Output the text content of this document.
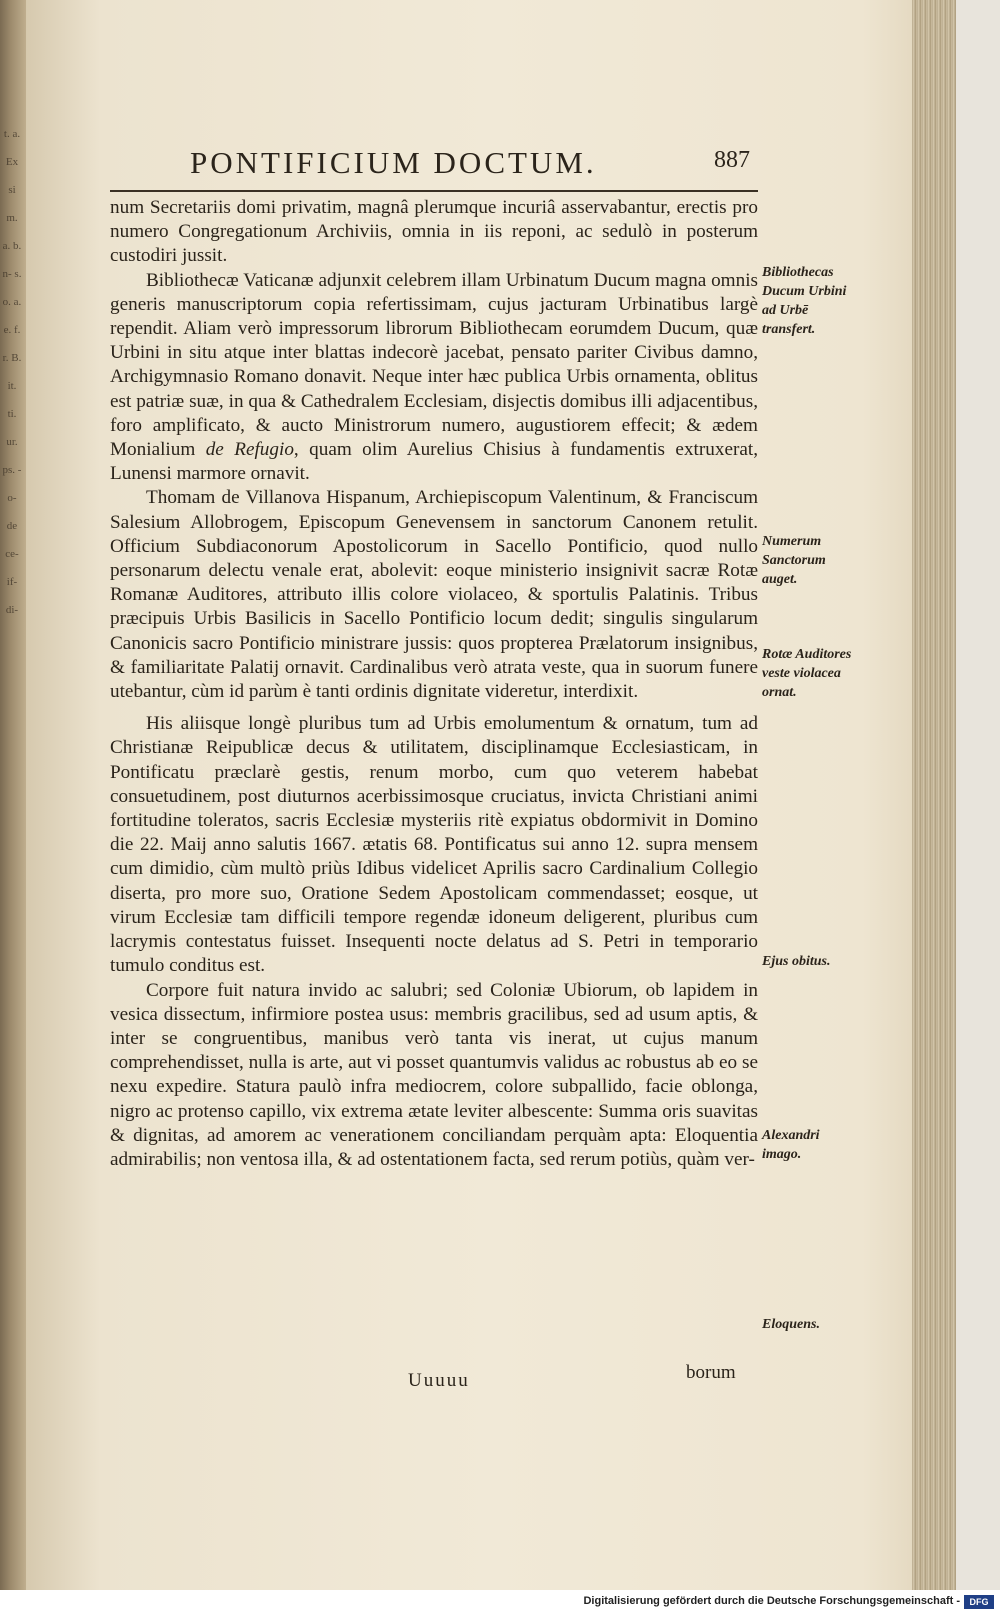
t. a. Ex si m. a. b. n- s. o. a. e. f. r. B. it. ti. ur. ps. -o- de ce- if- di-
PONTIFICIUM DOCTUM.	887

num Secretariis domi privatim, magnâ plerumque incuriâ asservabantur, erectis pro numero Congregationum Archiviis, omnia in iis reponi, ac sedulò in posterum custodiri jussit.

Bibliothecæ Vaticanæ adjunxit celebrem illam Urbinatum Ducum magna omnis generis manuscriptorum copia refertissimam, cujus jacturam Urbinatibus largè rependit. Aliam verò impressorum librorum Bibliothecam eorumdem Ducum, quæ Urbini in situ atque inter blattas indecorè jacebat, pensato pariter Civibus damno, Archigymnasio Romano donavit. Neque inter hæc publica Urbis ornamenta, oblitus est patriæ suæ, in qua & Cathedralem Ecclesiam, disjectis domibus illi adjacentibus, foro amplificato, & aucto Ministrorum numero, augustiorem effecit; & ædem Monialium de Refugio, quam olim Aurelius Chisius à fundamentis extruxerat, Lunensi marmore ornavit.

Thomam de Villanova Hispanum, Archiepiscopum Valentinum, & Franciscum Salesium Allobrogem, Episcopum Genevensem in sanctorum Canonem retulit. Officium Subdiaconorum Apostolicorum in Sacello Pontificio, quod nullo personarum delectu venale erat, abolevit: eoque ministerio insignivit sacræ Rotæ Romanæ Auditores, attributo illis colore violaceo, & sportulis Palatinis. Tribus præcipuis Urbis Basilicis in Sacello Pontificio locum dedit; singulis singularum Canonicis sacro Pontificio ministrare jussis: quos propterea Prælatorum insignibus, & familiaritate Palatij ornavit. Cardinalibus verò atrata veste, qua in suorum funere utebantur, cùm id parùm è tanti ordinis dignitate videretur, interdixit.

His aliisque longè pluribus tum ad Urbis emolumentum & ornatum, tum ad Christianæ Reipublicæ decus & utilitatem, disciplinamque Ecclesiasticam, in Pontificatu præclarè gestis, renum morbo, cum quo veterem habebat consuetudinem, post diuturnos acerbissimosque cruciatus, invicta Christiani animi fortitudine toleratos, sacris Ecclesiæ mysteriis ritè expiatus obdormivit in Domino die 22. Maij anno salutis 1667. ætatis 68. Pontificatus sui anno 12. supra mensem cum dimidio, cùm multò priùs Idibus videlicet Aprilis sacro Cardinalium Collegio diserta, pro more suo, Oratione Sedem Apostolicam commendasset; eosque, ut virum Ecclesiæ tam difficili tempore regendæ idoneum deligerent, pluribus cum lacrymis contestatus fuisset. Insequenti nocte delatus ad S. Petri in temporario tumulo conditus est.

Corpore fuit natura invido ac salubri; sed Coloniæ Ubiorum, ob lapidem in vesica dissectum, infirmiore postea usus: membris gracilibus, sed ad usum aptis, & inter se congruentibus, manibus verò tanta vis inerat, ut cujus manum comprehendisset, nulla is arte, aut vi posset quantumvis validus ac robustus ab eo se nexu expedire. Statura paulò infra mediocrem, colore subpallido, facie oblonga, nigro ac protenso capillo, vix extrema ætate leviter albescente: Summa oris suavitas & dignitas, ad amorem ac venerationem conciliandam perquàm apta: Eloquentia admirabilis; non ventosa illa, & ad ostentationem facta, sed rerum potiùs, quàm ver-

Bibliothecas Ducum Urbini ad Urbē transfert.
Numerum Sanctorum auget.
Rotæ Auditores veste violacea ornat.
Ejus obitus.
Alexandri imago.
Eloquens.
borum
Uuuuu
Digitalisierung gefördert durch die Deutsche Forschungsgemeinschaft -	DFG
